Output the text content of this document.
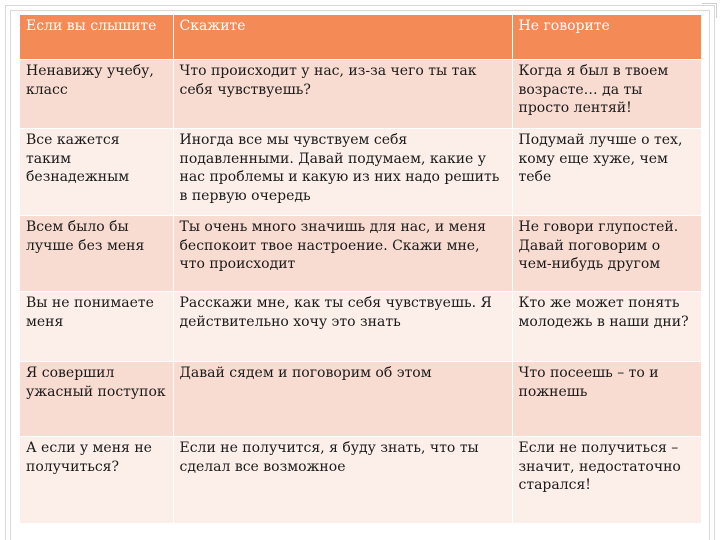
Если вы слышите	Скажите	Не говорите
Ненавижу учебу, класс	Что происходит у нас, из-за чего ты так себя чувствуешь?	Когда я был в твоем возрасте… да ты просто лентяй!
Все кажется таким безнадежным	Иногда все мы чувствуем себя подавленными. Давай подумаем, какие у нас проблемы и какую из них надо решить в первую очередь	Подумай лучше о тех, кому еще хуже, чем тебе
Всем было бы лучше без меня	Ты очень много значишь для нас, и меня беспокоит твое настроение. Скажи мне, что происходит	Не говори глупостей. Давай поговорим о чем-нибудь другом
Вы не понимаете меня	Расскажи мне, как ты себя чувствуешь. Я действительно хочу это знать	Кто же может понять молодежь в наши дни?
Я совершил ужасный поступок	Давай сядем и поговорим об этом	Что посеешь – то и пожнешь
А если у меня не получиться?	Если не получится, я буду знать, что ты сделал все возможное	Если не получиться – значит, недостаточно старался!
